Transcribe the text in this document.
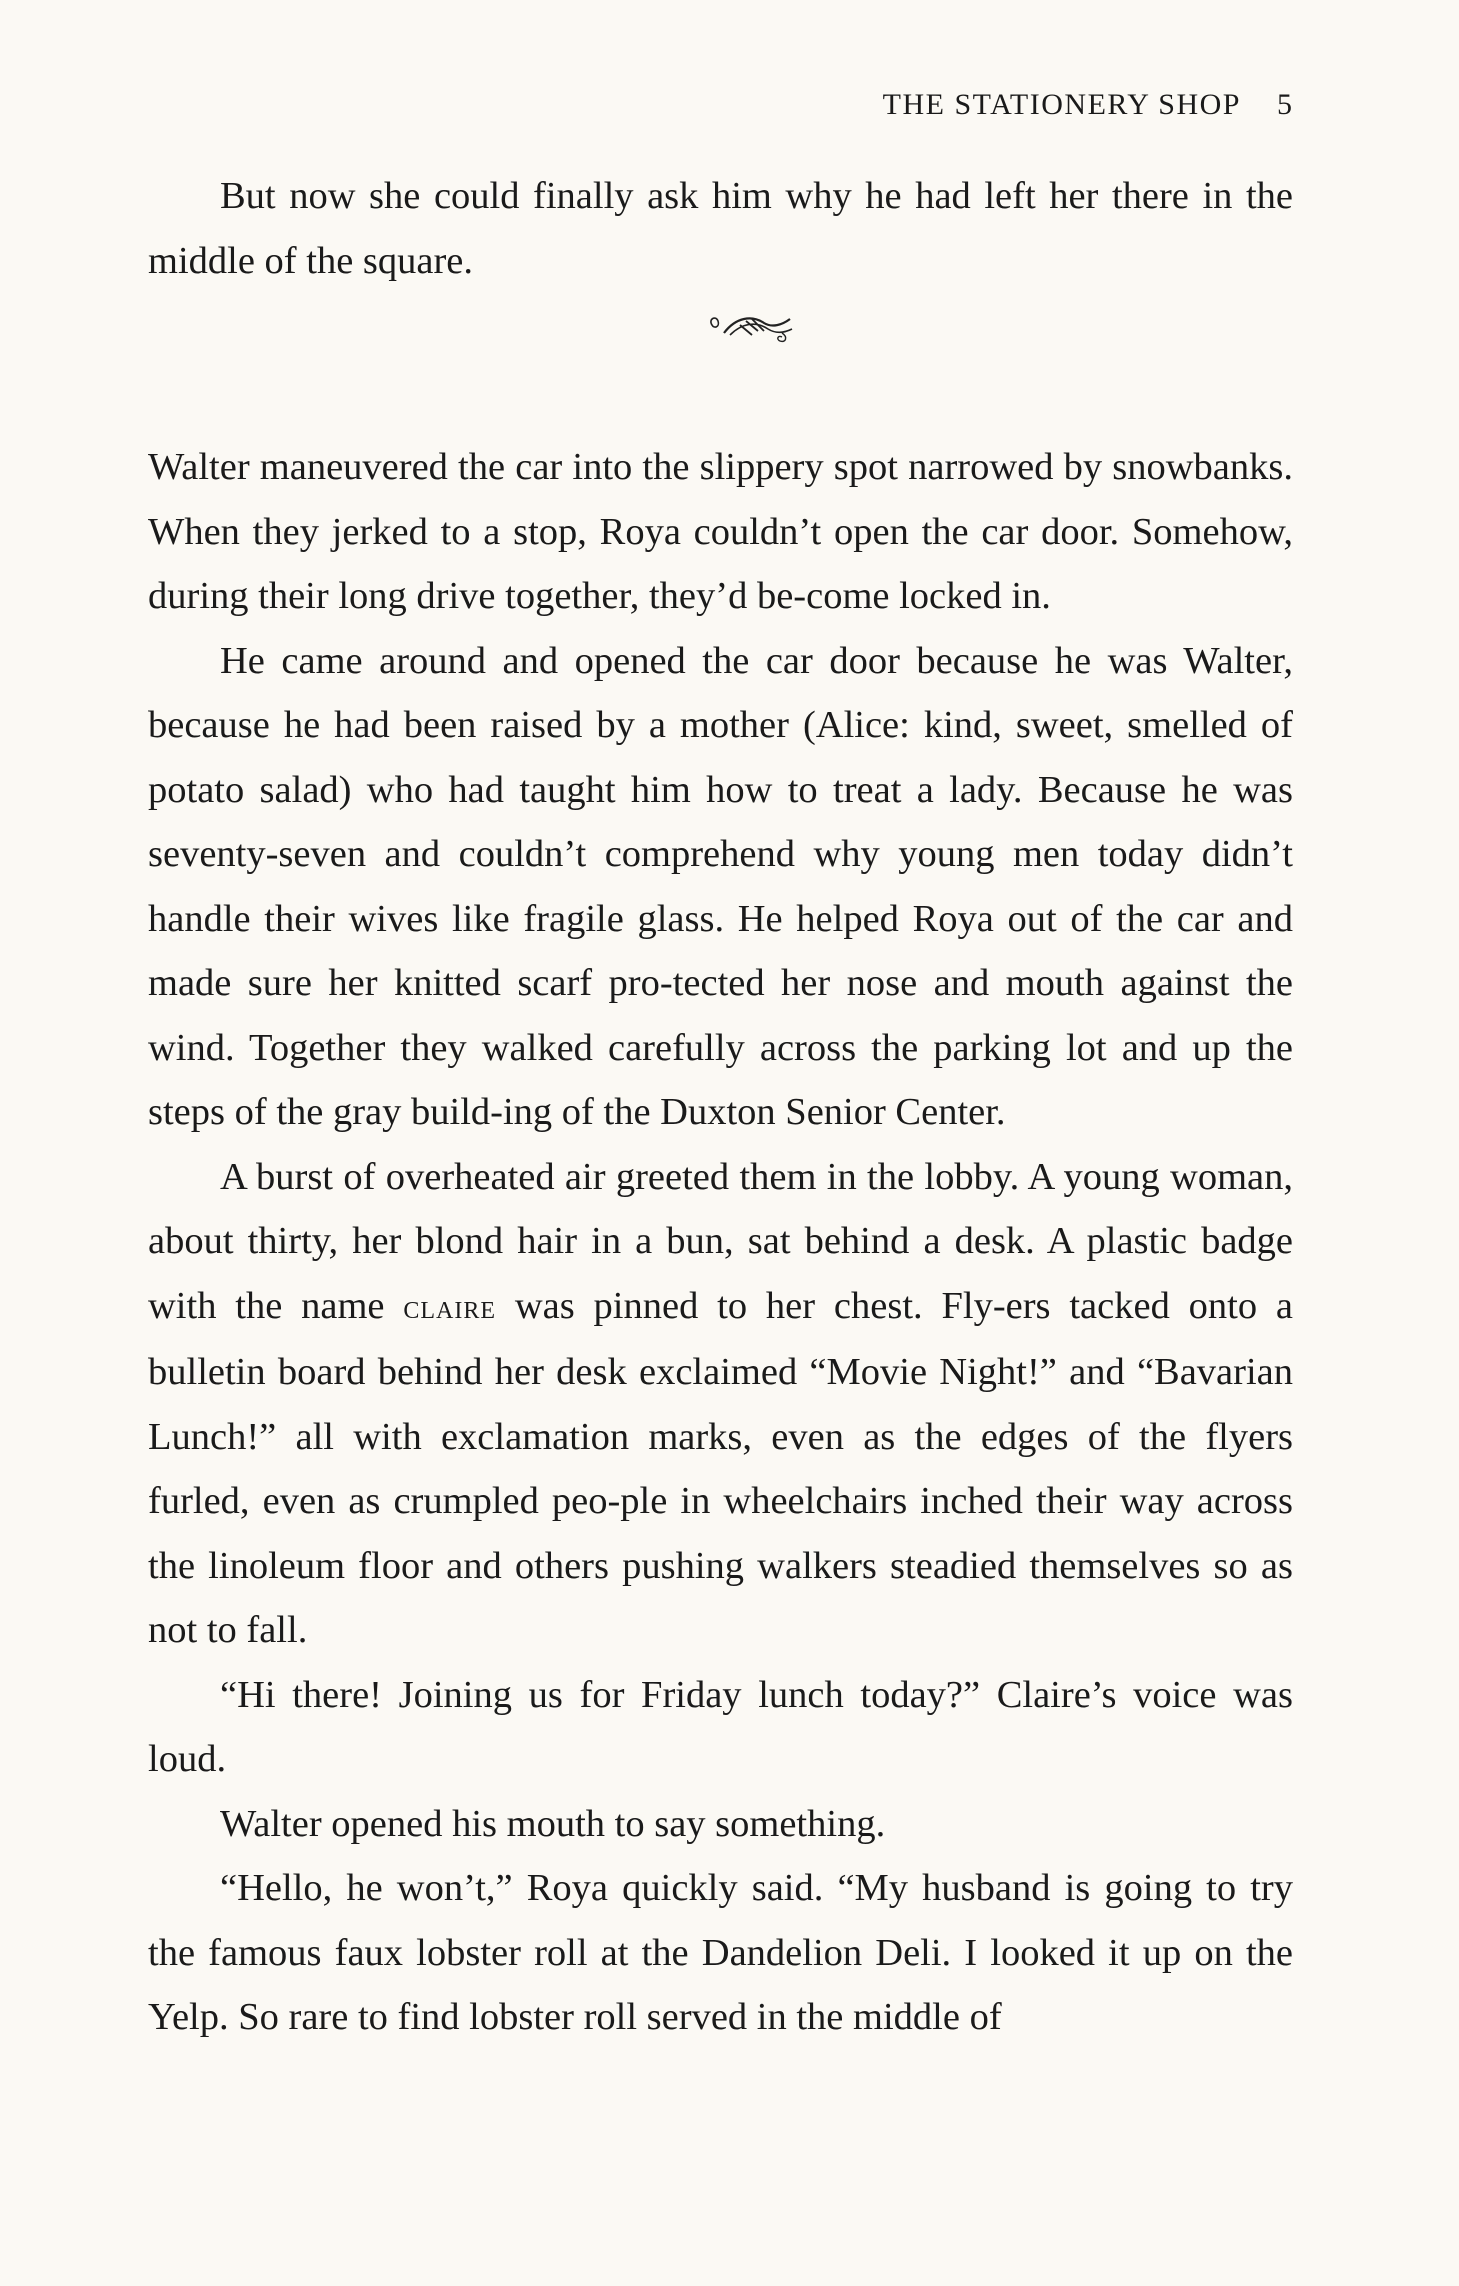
THE STATIONERY SHOP 5

But now she could finally ask him why he had left her there in the middle of the square.

Walter maneuvered the car into the slippery spot narrowed by snowbanks. When they jerked to a stop, Roya couldn’t open the car door. Somehow, during their long drive together, they’d be-come locked in.

He came around and opened the car door because he was Walter, because he had been raised by a mother (Alice: kind, sweet, smelled of potato salad) who had taught him how to treat a lady. Because he was seventy-seven and couldn’t comprehend why young men today didn’t handle their wives like fragile glass. He helped Roya out of the car and made sure her knitted scarf pro-tected her nose and mouth against the wind. Together they walked carefully across the parking lot and up the steps of the gray build-ing of the Duxton Senior Center.

A burst of overheated air greeted them in the lobby. A young woman, about thirty, her blond hair in a bun, sat behind a desk. A plastic badge with the name claire was pinned to her chest. Fly-ers tacked onto a bulletin board behind her desk exclaimed “Movie Night!” and “Bavarian Lunch!” all with exclamation marks, even as the edges of the flyers furled, even as crumpled peo-ple in wheelchairs inched their way across the linoleum floor and others pushing walkers steadied themselves so as not to fall.

“Hi there! Joining us for Friday lunch today?” Claire’s voice was loud.

Walter opened his mouth to say something.

“Hello, he won’t,” Roya quickly said. “My husband is going to try the famous faux lobster roll at the Dandelion Deli. I looked it up on the Yelp. So rare to find lobster roll served in the middle of
